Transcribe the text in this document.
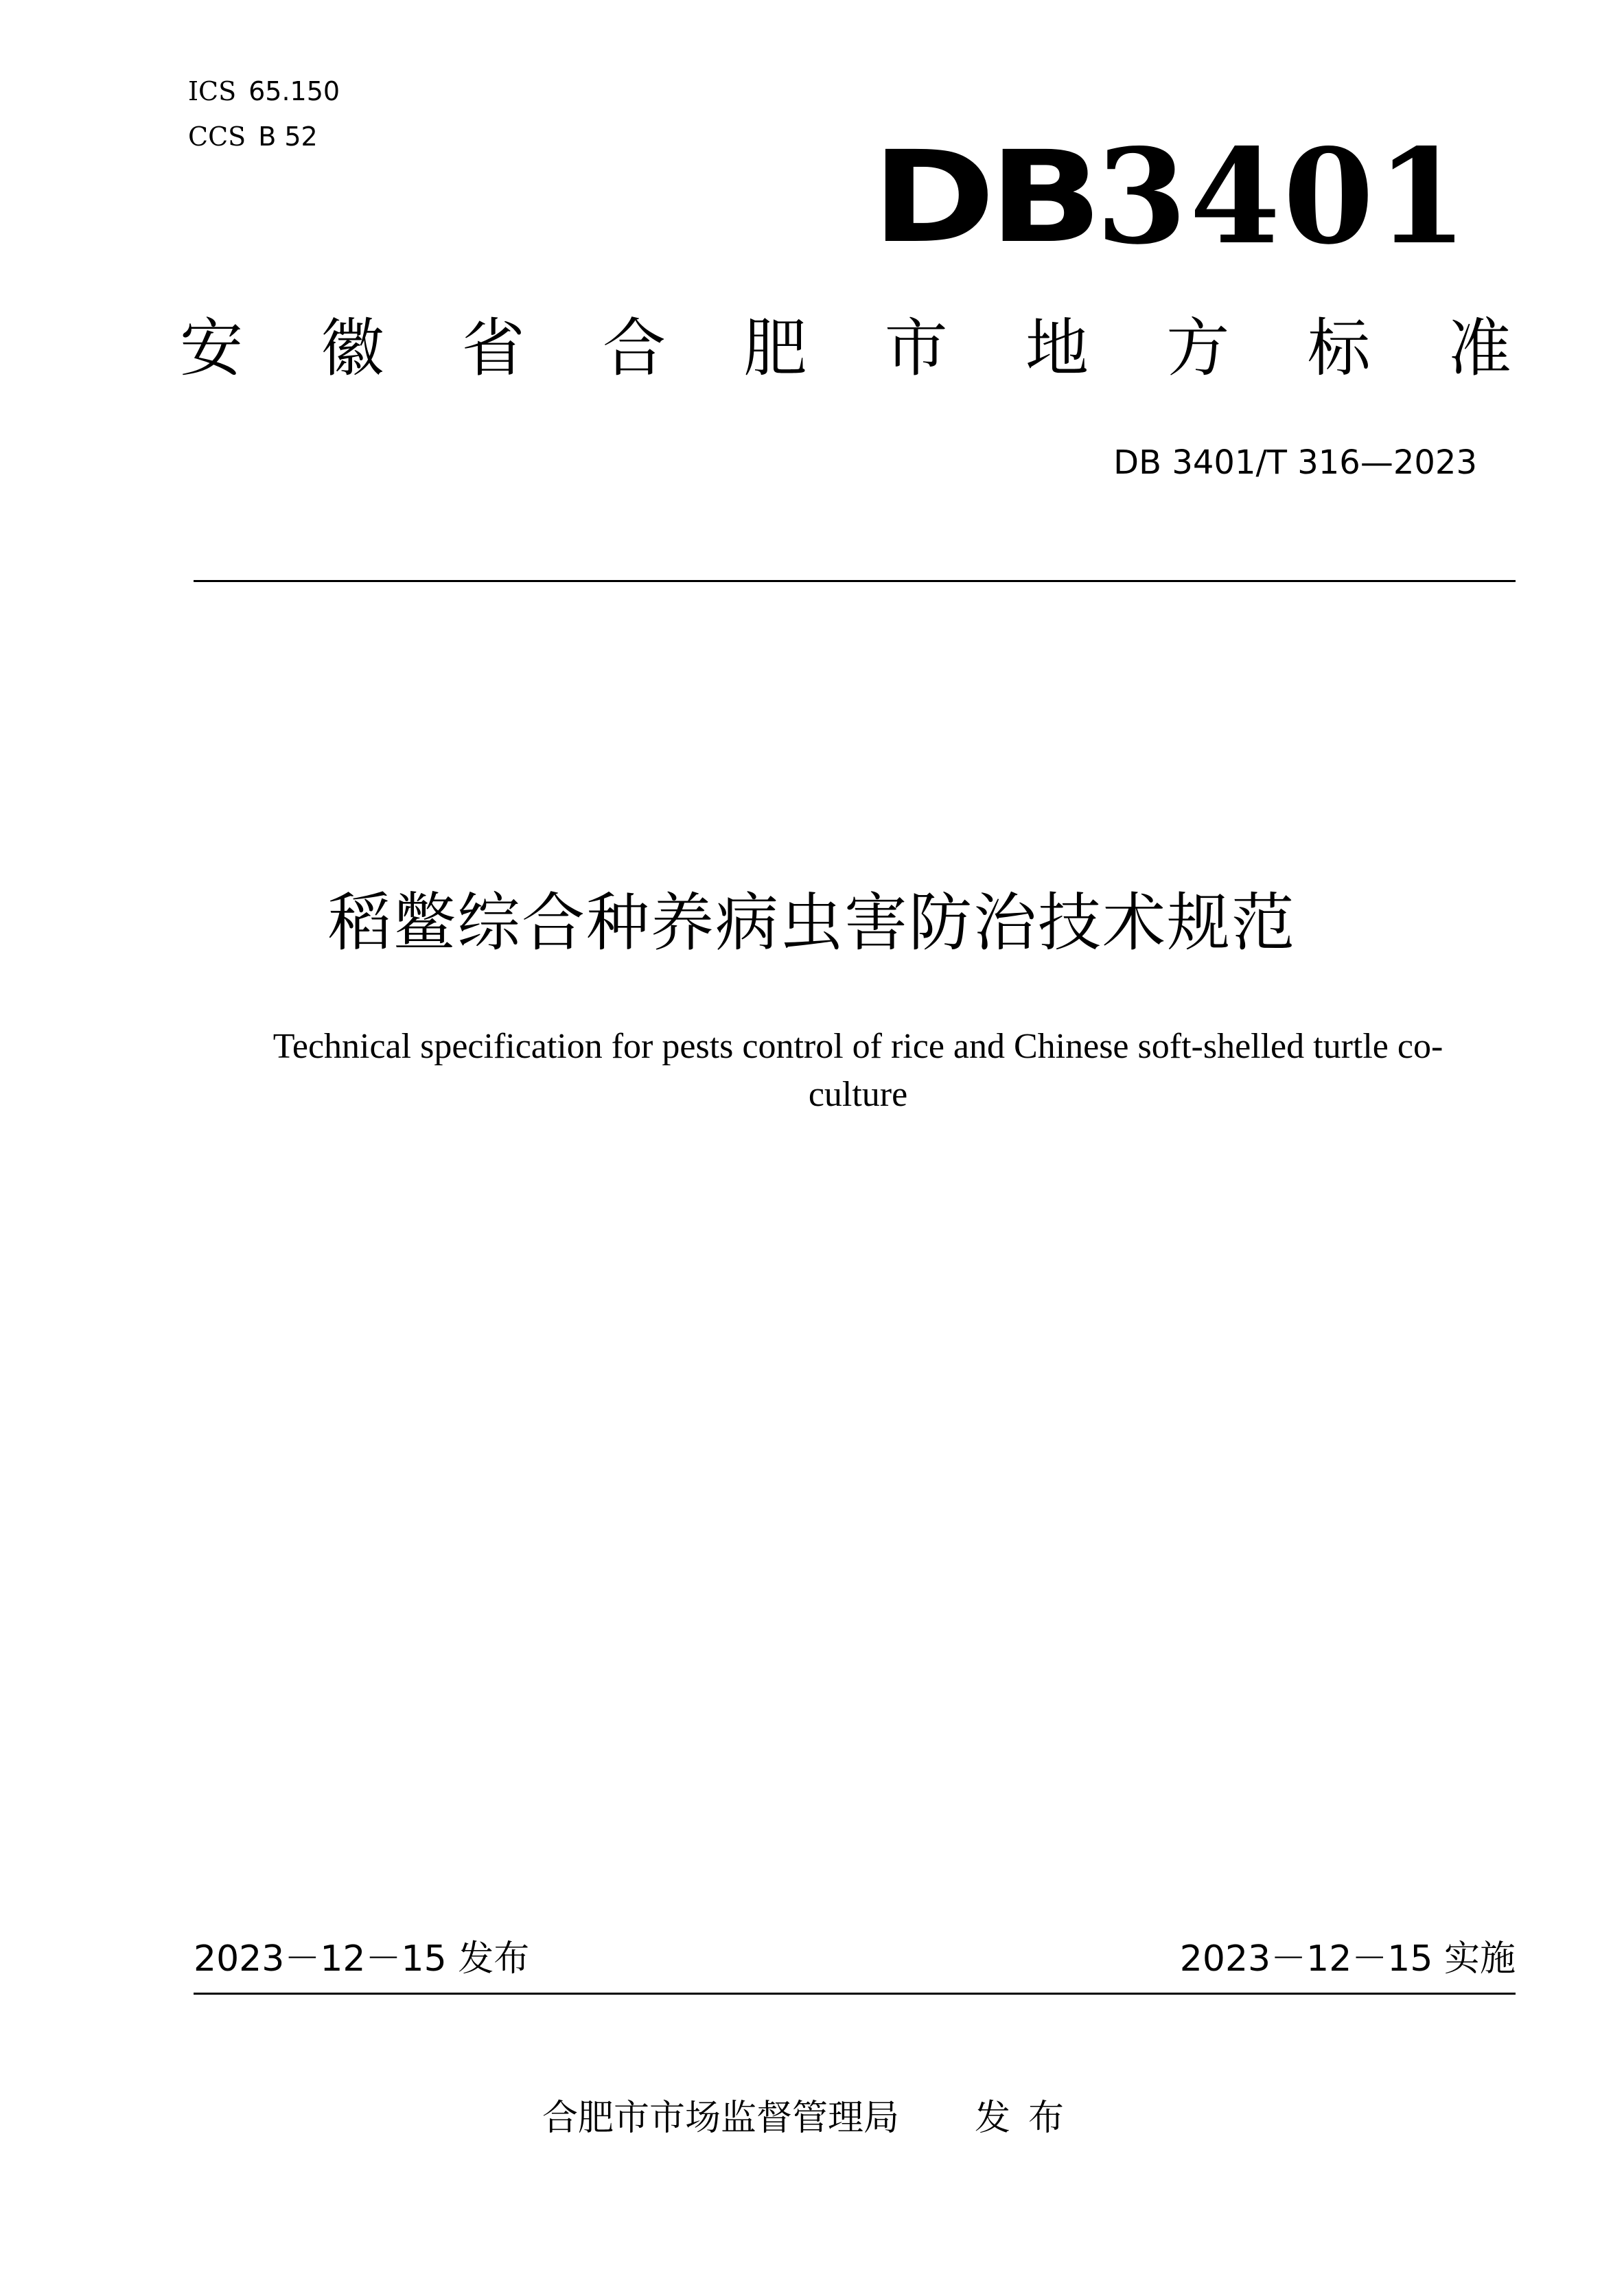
ICS 65.150
CCS B 52	DB 3401
安 徽 省 合 肥 市 地 方 标 准
DB 3401/T 316—2023
稻鳖综合种养病虫害防治技术规范
Technical specification for pests control of rice and Chinese soft-shelled turtle co-
culture
2023－12－15 发布	2023－12－15 实施
合肥市市场监督管理局 发布
